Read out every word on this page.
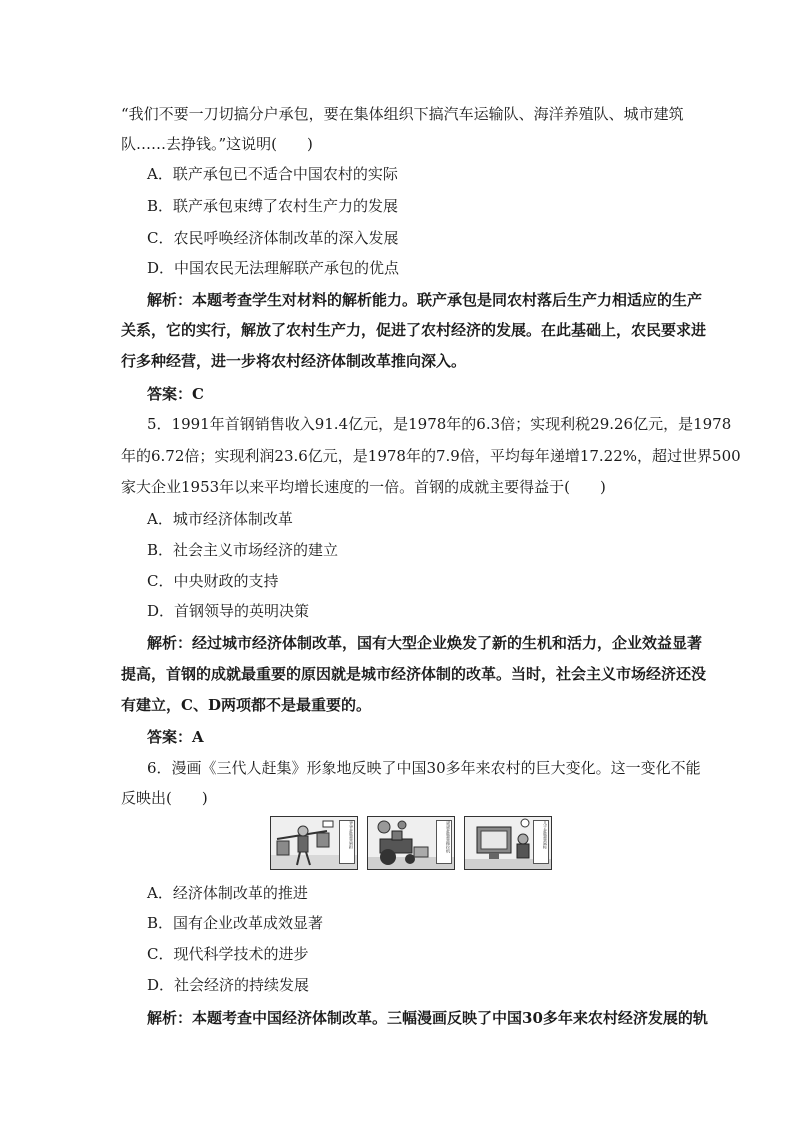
“我们不要一刀切搞分户承包，要在集体组织下搞汽车运输队、海洋养殖队、城市建筑
队……去挣钱。”这说明(　　)
A．联产承包已不适合中国农村的实际
B．联产承包束缚了农村生产力的发展
C．农民呼唤经济体制改革的深入发展
D．中国农民无法理解联产承包的优点
解析：本题考查学生对材料的解析能力。联产承包是同农村落后生产力相适应的生产
关系，它的实行，解放了农村生产力，促进了农村经济的发展。在此基础上，农民要求进
行多种经营，进一步将农村经济体制改革推向深入。
答案：C
5．1991年首钢销售收入91.4亿元，是1978年的6.3倍；实现利税29.26亿元，是1978
年的6.72倍；实现利润23.6亿元，是1978年的7.9倍，平均每年递增17.22%，超过世界500
家大企业1953年以来平均增长速度的一倍。首钢的成就主要得益于(　　)
A．城市经济体制改革
B．社会主义市场经济的建立
C．中央财政的支持
D．首钢领导的英明决策
解析：经过城市经济体制改革，国有大型企业焕发了新的生机和活力，企业效益显著
提高，首钢的成就最重要的原因就是城市经济体制的改革。当时，社会主义市场经济还没
有建立，C、D两项都不是最重要的。
答案：A
6．漫画《三代人赶集》形象地反映了中国30多年来农村的巨大变化。这一变化不能
反映出(　　)
爷爷赶集靠扁担	爸爸赶集靠拖拉机	儿子赶集靠鼠标
A．经济体制改革的推进
B．国有企业改革成效显著
C．现代科学技术的进步
D．社会经济的持续发展
解析：本题考查中国经济体制改革。三幅漫画反映了中国30多年来农村经济发展的轨
